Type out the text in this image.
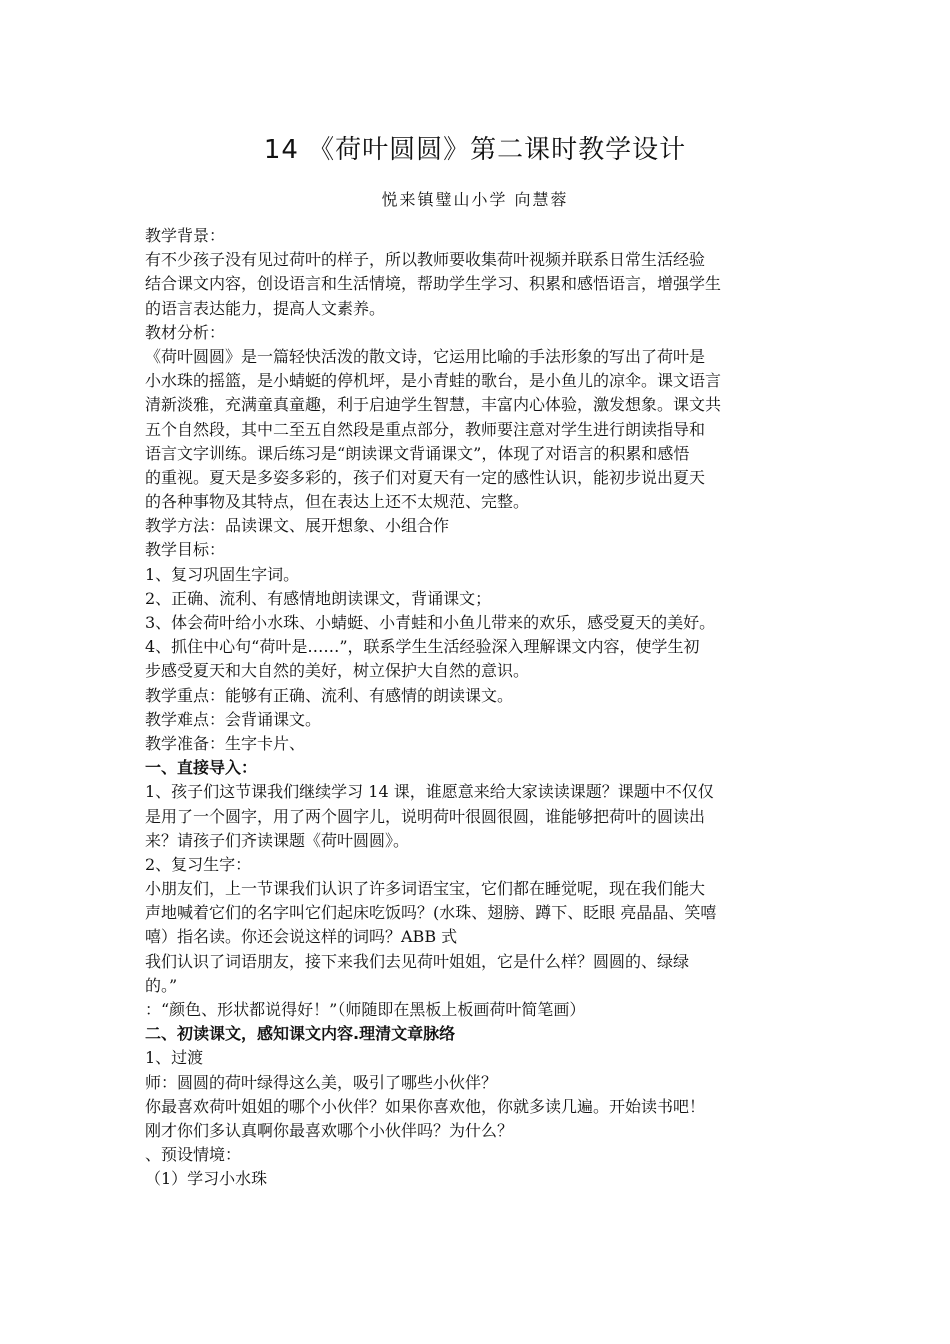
14 《荷叶圆圆》第二课时教学设计
悦来镇璧山小学 向慧蓉
教学背景：
有不少孩子没有见过荷叶的样子，所以教师要收集荷叶视频并联系日常生活经验
结合课文内容，创设语言和生活情境，帮助学生学习、积累和感悟语言，增强学生
的语言表达能力，提高人文素养。
教材分析：
《荷叶圆圆》是一篇轻快活泼的散文诗，它运用比喻的手法形象的写出了荷叶是
小水珠的摇篮，是小蜻蜓的停机坪，是小青蛙的歌台，是小鱼儿的凉伞。课文语言
清新淡雅，充满童真童趣，利于启迪学生智慧，丰富内心体验，激发想象。课文共
五个自然段，其中二至五自然段是重点部分，教师要注意对学生进行朗读指导和
语言文字训练。课后练习是“朗读课文背诵课文”，体现了对语言的积累和感悟
的重视。夏天是多姿多彩的，孩子们对夏天有一定的感性认识，能初步说出夏天
的各种事物及其特点，但在表达上还不太规范、完整。
教学方法：品读课文、展开想象、小组合作
教学目标：
1、复习巩固生字词。
2、正确、流利、有感情地朗读课文，背诵课文；
3、体会荷叶给小水珠、小蜻蜓、小青蛙和小鱼儿带来的欢乐，感受夏天的美好。
4、抓住中心句“荷叶是……”，联系学生生活经验深入理解课文内容，使学生初
步感受夏天和大自然的美好，树立保护大自然的意识。
教学重点：能够有正确、流利、有感情的朗读课文。
教学难点：会背诵课文。
教学准备：生字卡片、
一、直接导入：
1、孩子们这节课我们继续学习 14 课，谁愿意来给大家读读课题？课题中不仅仅
是用了一个圆字，用了两个圆字儿，说明荷叶很圆很圆，谁能够把荷叶的圆读出
来？请孩子们齐读课题《荷叶圆圆》。
2、复习生字：
小朋友们，上一节课我们认识了许多词语宝宝，它们都在睡觉呢，现在我们能大
声地喊着它们的名字叫它们起床吃饭吗？(水珠、翅膀、蹲下、眨眼 亮晶晶、笑嘻
嘻）指名读。你还会说这样的词吗？ABB 式
我们认识了词语朋友，接下来我们去见荷叶姐姐，它是什么样？圆圆的、绿绿
的。”
：“颜色、形状都说得好！”（师随即在黑板上板画荷叶简笔画）
二、初读课文，感知课文内容.理清文章脉络
1、过渡
师：圆圆的荷叶绿得这么美，吸引了哪些小伙伴？
你最喜欢荷叶姐姐的哪个小伙伴？如果你喜欢他，你就多读几遍。开始读书吧！
刚才你们多认真啊你最喜欢哪个小伙伴吗？为什么？
、预设情境：
（1）学习小水珠
